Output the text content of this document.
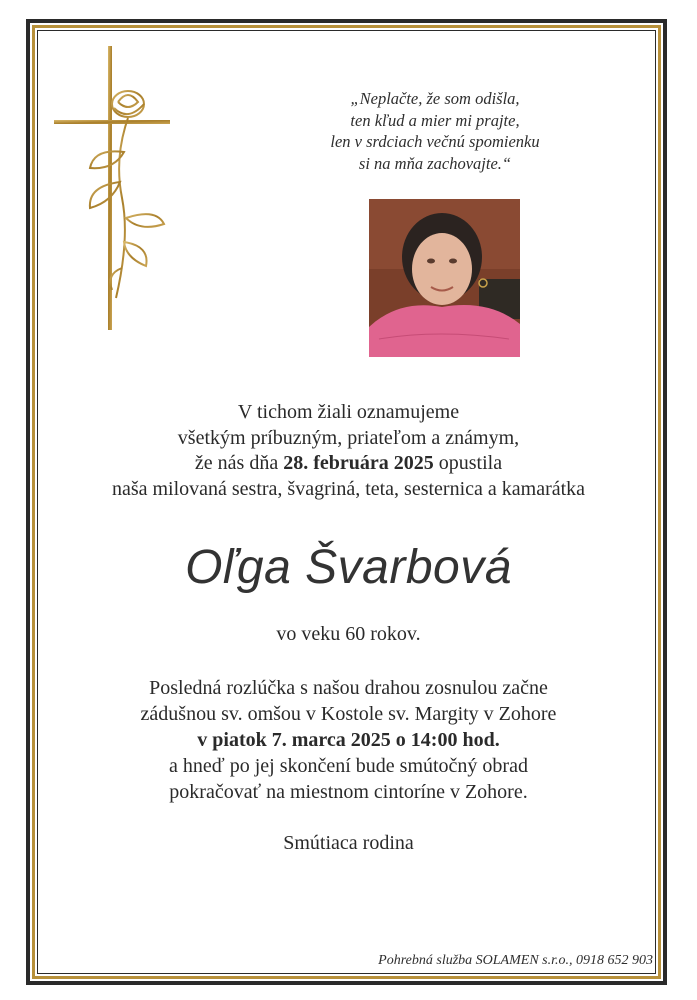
„Neplačte, že som odišla,
ten kľud a mier mi prajte,
len v srdciach večnú spomienku
si na mňa zachovajte.“
V tichom žiali oznamujeme
všetkým príbuzným, priateľom a známym,
že nás dňa 28. februára 2025 opustila
naša milovaná sestra, švagriná, teta, sesternica a kamarátka
Oľga Švarbová
vo veku 60 rokov.
Posledná rozlúčka s našou drahou zosnulou začne
zádušnou sv. omšou v Kostole sv. Margity v Zohore
v piatok 7. marca 2025 o 14:00 hod.
a hneď po jej skončení bude smútočný obrad
pokračovať na miestnom cintoríne v Zohore.
Smútiaca rodina
Pohrebná služba SOLAMEN s.r.o., 0918 652 903
